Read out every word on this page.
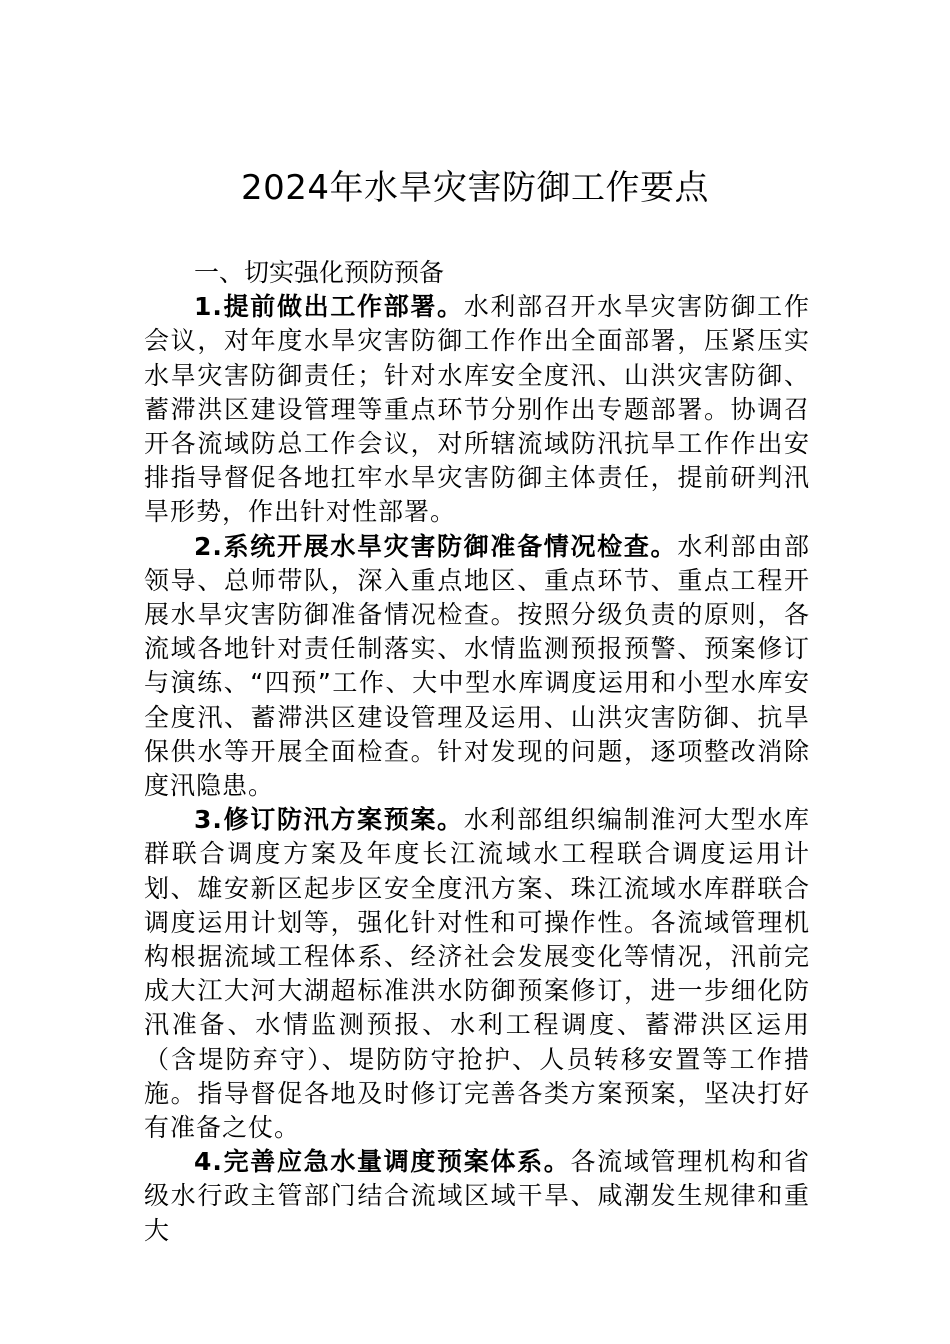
2024年水旱灾害防御工作要点

一、切实强化预防预备

1.提前做出工作部署。水利部召开水旱灾害防御工作会议，对年度水旱灾害防御工作作出全面部署，压紧压实水旱灾害防御责任；针对水库安全度汛、山洪灾害防御、蓄滞洪区建设管理等重点环节分别作出专题部署。协调召开各流域防总工作会议，对所辖流域防汛抗旱工作作出安排指导督促各地扛牢水旱灾害防御主体责任，提前研判汛旱形势，作出针对性部署。

2.系统开展水旱灾害防御准备情况检查。水利部由部领导、总师带队，深入重点地区、重点环节、重点工程开展水旱灾害防御准备情况检查。按照分级负责的原则，各流域各地针对责任制落实、水情监测预报预警、预案修订与演练、“四预”工作、大中型水库调度运用和小型水库安全度汛、蓄滞洪区建设管理及运用、山洪灾害防御、抗旱保供水等开展全面检查。针对发现的问题，逐项整改消除度汛隐患。

3.修订防汛方案预案。水利部组织编制淮河大型水库群联合调度方案及年度长江流域水工程联合调度运用计划、雄安新区起步区安全度汛方案、珠江流域水库群联合调度运用计划等，强化针对性和可操作性。各流域管理机构根据流域工程体系、经济社会发展变化等情况，汛前完成大江大河大湖超标准洪水防御预案修订，进一步细化防汛准备、水情监测预报、水利工程调度、蓄滞洪区运用（含堤防弃守）、堤防防守抢护、人员转移安置等工作措施。指导督促各地及时修订完善各类方案预案，坚决打好有准备之仗。

4.完善应急水量调度预案体系。各流域管理机构和省级水行政主管部门结合流域区域干旱、咸潮发生规律和重大
